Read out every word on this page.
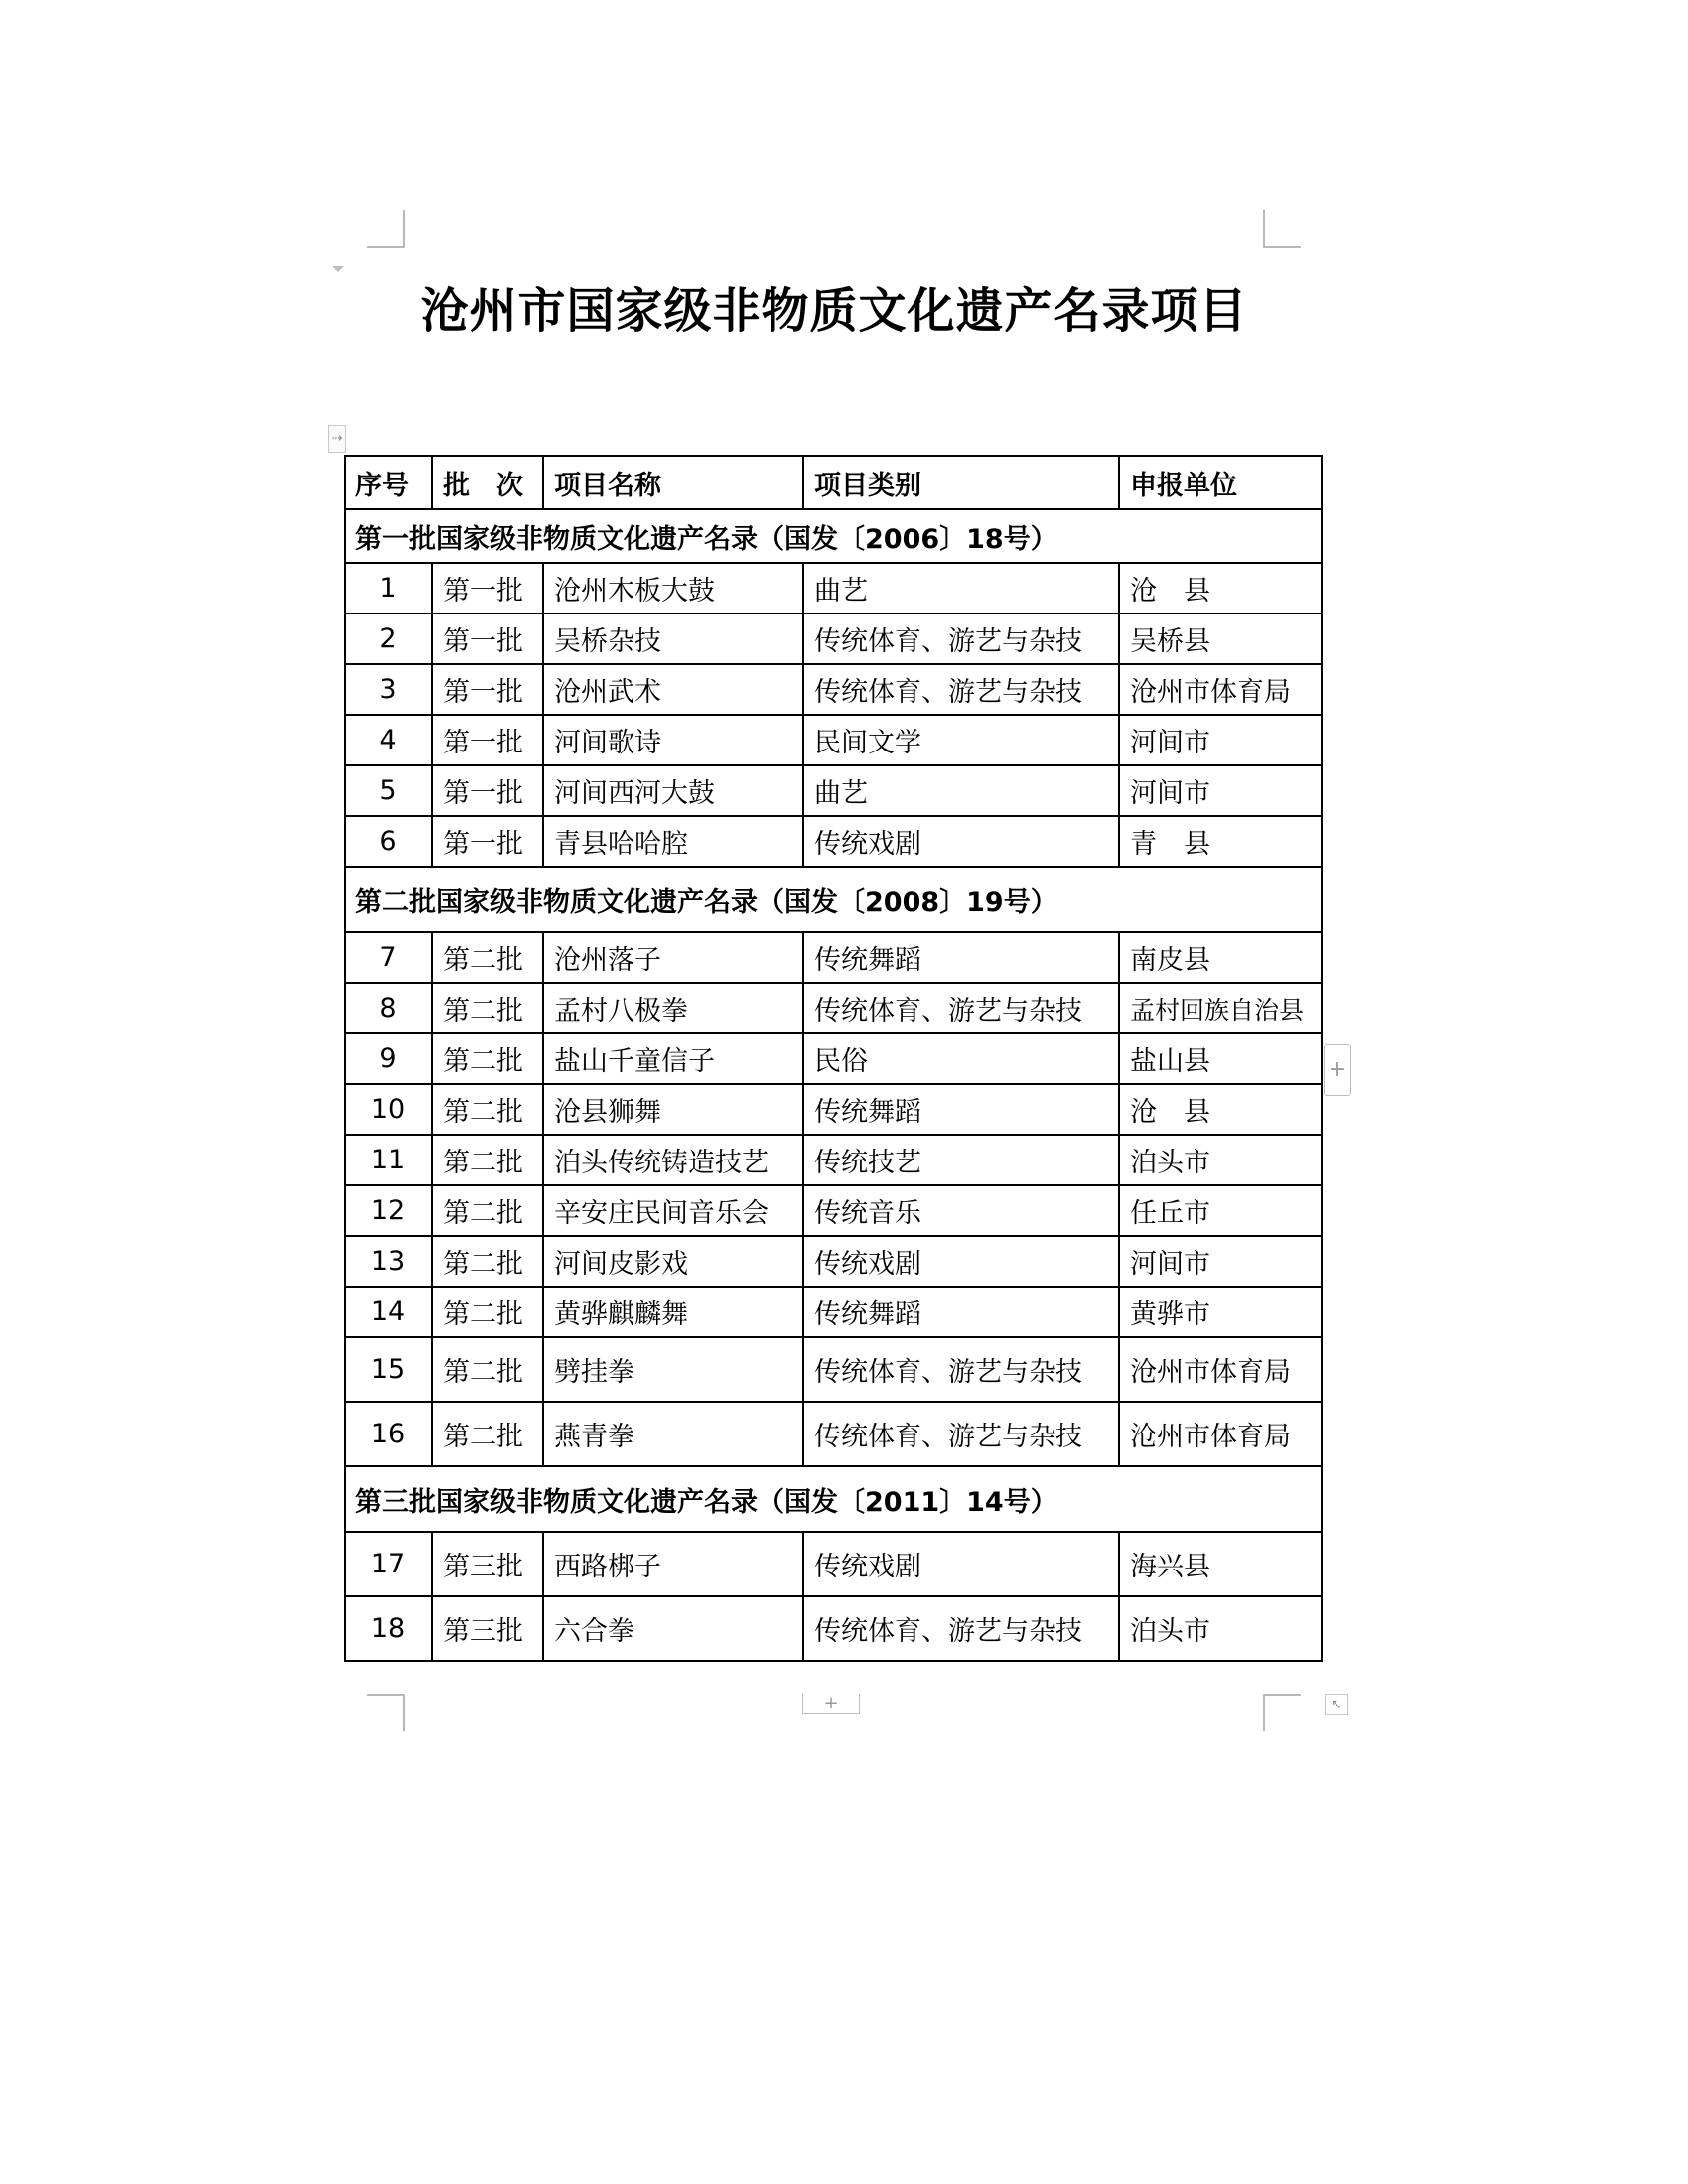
沧州市国家级非物质文化遗产名录项目
⇢
序号	批　次	项目名称	项目类别	申报单位
第一批国家级非物质文化遗产名录（国发〔2006〕18号）				
1	第一批	沧州木板大鼓	曲艺	沧　县
2	第一批	吴桥杂技	传统体育、游艺与杂技	吴桥县
3	第一批	沧州武术	传统体育、游艺与杂技	沧州市体育局
4	第一批	河间歌诗	民间文学	河间市
5	第一批	河间西河大鼓	曲艺	河间市
6	第一批	青县哈哈腔	传统戏剧	青　县
第二批国家级非物质文化遗产名录（国发〔2008〕19号）				
7	第二批	沧州落子	传统舞蹈	南皮县
8	第二批	孟村八极拳	传统体育、游艺与杂技	孟村回族自治县
9	第二批	盐山千童信子	民俗	盐山县
10	第二批	沧县狮舞	传统舞蹈	沧　县
11	第二批	泊头传统铸造技艺	传统技艺	泊头市
12	第二批	辛安庄民间音乐会	传统音乐	任丘市
13	第二批	河间皮影戏	传统戏剧	河间市
14	第二批	黄骅麒麟舞	传统舞蹈	黄骅市
15	第二批	劈挂拳	传统体育、游艺与杂技	沧州市体育局
16	第二批	燕青拳	传统体育、游艺与杂技	沧州市体育局
第三批国家级非物质文化遗产名录（国发〔2011〕14号）				
17	第三批	西路梆子	传统戏剧	海兴县
18	第三批	六合拳	传统体育、游艺与杂技	泊头市
+
+	↖
